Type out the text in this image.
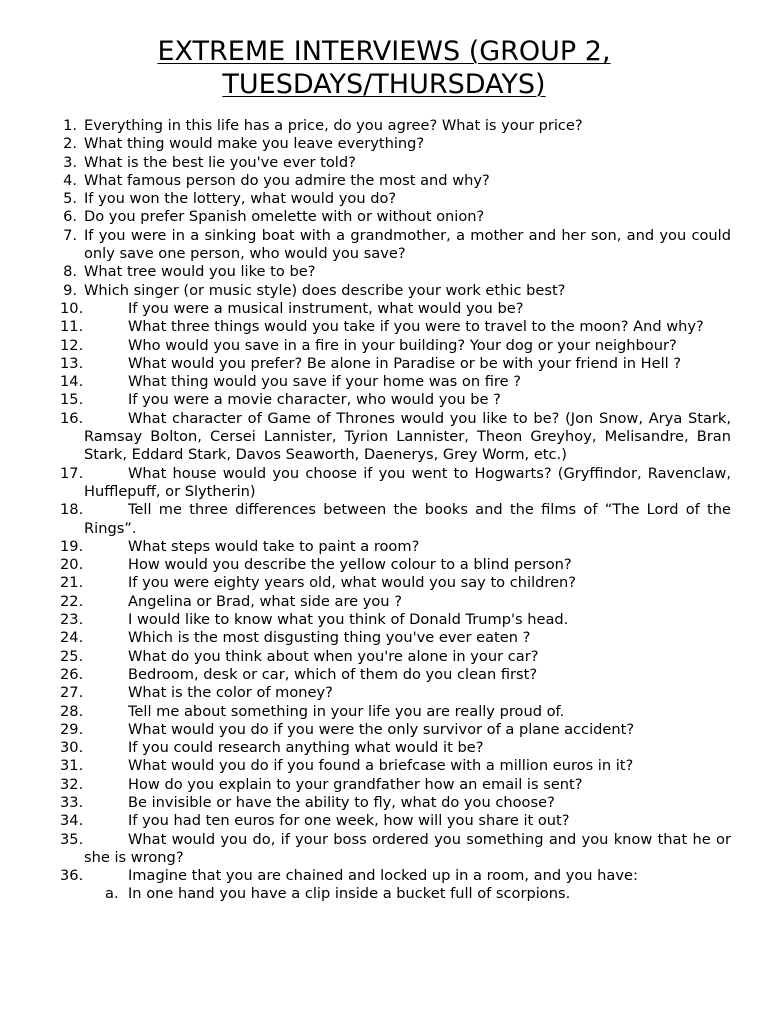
EXTREME INTERVIEWS (GROUP 2,
TUESDAYS/THURSDAYS)
1. Everything in this life has a price, do you agree? What is your price?
2. What thing would make you leave everything?
3. What is the best lie you've ever told?
4. What famous person do you admire the most and why?
5. If you won the lottery, what would you do?
6. Do you prefer Spanish omelette with or without onion?
7. If you were in a sinking boat with a grandmother, a mother and her son, and you could only save one person, who would you save?
8. What tree would you like to be?
9. Which singer (or music style) does describe your work ethic best?
10.	If you were a musical instrument, what would you be?
11.	What three things would you take if you were to travel to the moon? And why?
12.	Who would you save in a fire in your building? Your dog or your neighbour?
13.	What would you prefer? Be alone in Paradise or be with your friend in Hell ?
14.	What thing would you save if your home was on fire ?
15.	If you were a movie character, who would you be ?
16.	What character of Game of Thrones would you like to be? (Jon Snow, Arya Stark, Ramsay Bolton, Cersei Lannister, Tyrion Lannister, Theon Greyhoy, Melisandre, Bran Stark, Eddard Stark, Davos Seaworth, Daenerys, Grey Worm, etc.)
17.	What house would you choose if you went to Hogwarts? (Gryffindor, Ravenclaw, Hufflepuff, or Slytherin)
18.	Tell me three differences between the books and the films of “The Lord of the Rings”.
19.	What steps would take to paint a room?
20.	How would you describe the yellow colour to a blind person?
21.	If you were eighty years old, what would you say to children?
22.	Angelina or Brad, what side are you ?
23.	I would like to know what you think of Donald Trump's head.
24.	Which is the most disgusting thing you've ever eaten ?
25.	What do you think about when you're alone in your car?
26.	Bedroom, desk or car, which of them do you clean first?
27.	What is the color of money?
28.	Tell me about something in your life you are really proud of.
29.	What would you do if you were the only survivor of a plane accident?
30.	If you could research anything what would it be?
31.	What would you do if you found a briefcase with a million euros in it?
32.	How do you explain to your grandfather how an email is sent?
33.	Be invisible or have the ability to fly, what do you choose?
34.	If you had ten euros for one week, how will you share it out?
35.	What would you do, if your boss ordered you something and you know that he or she is wrong?
36.	Imagine that you are chained and locked up in a room, and you have:
a. In one hand you have a clip inside a bucket full of scorpions.
